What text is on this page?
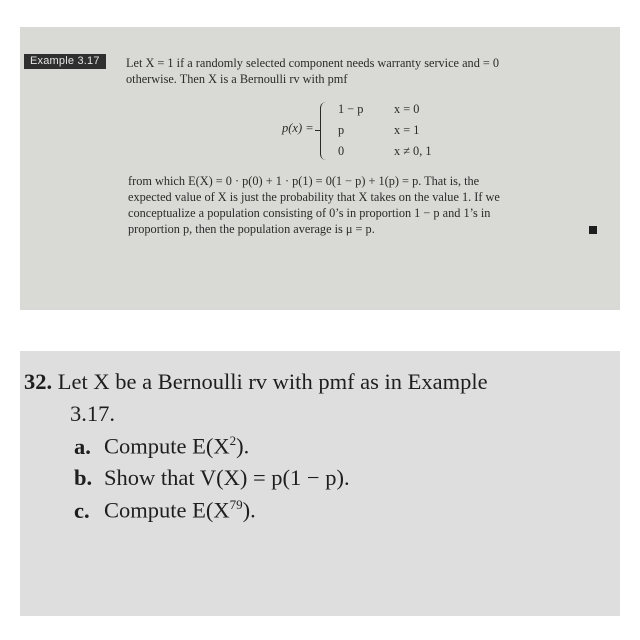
Example 3.17	Let X = 1 if a randomly selected component needs warranty service and = 0
otherwise. Then X is a Bernoulli rv with pmf
p(x) =
1 − p x = 0
p	x = 1
0	x ≠ 0, 1
from which E(X) = 0 · p(0) + 1 · p(1) = 0(1 − p) + 1(p) = p. That is, the
expected value of X is just the probability that X takes on the value 1. If we
conceptualize a population consisting of 0’s in proportion 1 − p and 1’s in
proportion p, then the population average is μ = p.
32. Let X be a Bernoulli rv with pmf as in Example
3.17.
a. Compute $E(X^2)$.
b. Show that V(X) = p(1 − p).
c. Compute $E(X^{79})$.
